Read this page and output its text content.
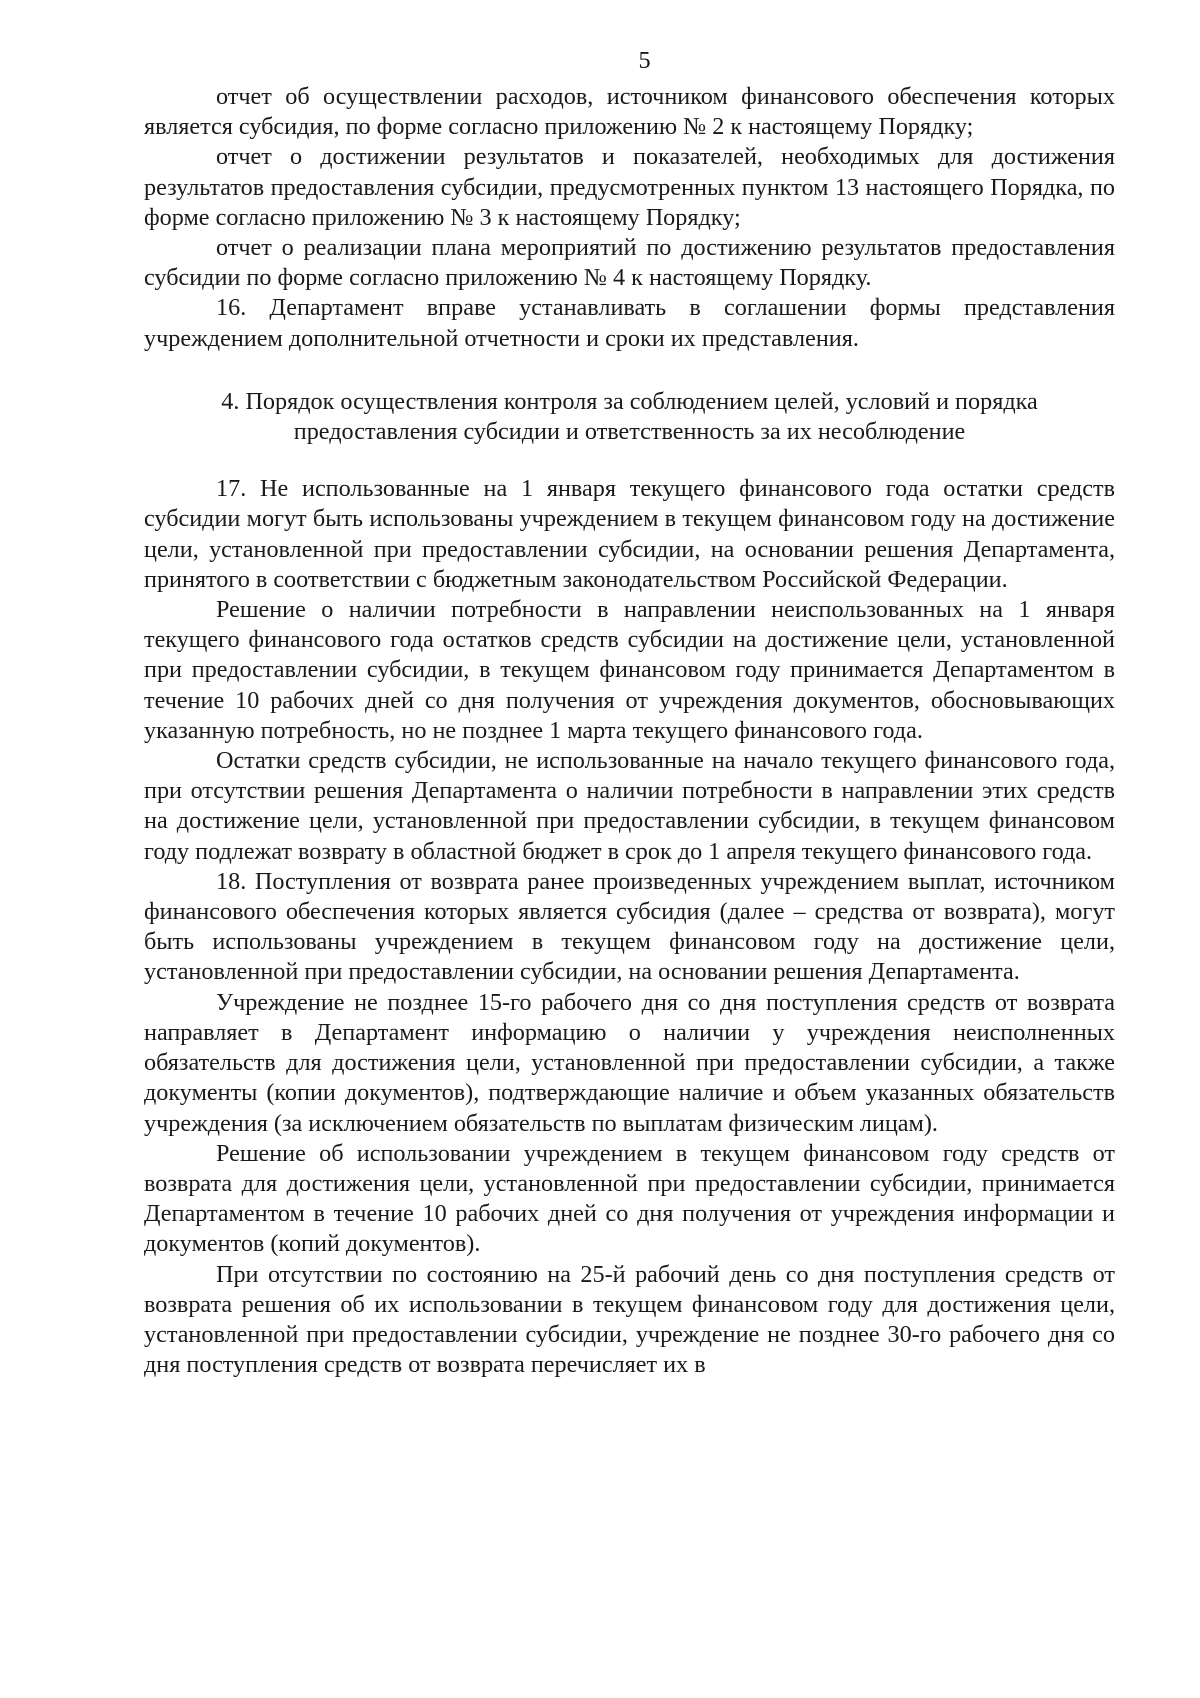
5

отчет об осуществлении расходов, источником финансового обеспечения которых является субсидия, по форме согласно приложению № 2 к настоящему Порядку;

отчет о достижении результатов и показателей, необходимых для достижения результатов предоставления субсидии, предусмотренных пунктом 13 настоящего Порядка, по форме согласно приложению № 3 к настоящему Порядку;

отчет о реализации плана мероприятий по достижению результатов предоставления субсидии по форме согласно приложению № 4 к настоящему Порядку.

16. Департамент вправе устанавливать в соглашении формы представления учреждением дополнительной отчетности и сроки их представления.

4. Порядок осуществления контроля за соблюдением целей, условий и порядка
предоставления субсидии и ответственность за их несоблюдение

17. Не использованные на 1 января текущего финансового года остатки средств субсидии могут быть использованы учреждением в текущем финансовом году на достижение цели, установленной при предоставлении субсидии, на основании решения Департамента, принятого в соответствии с бюджетным законодательством Российской Федерации.

Решение о наличии потребности в направлении неиспользованных на 1 января текущего финансового года остатков средств субсидии на достижение цели, установленной при предоставлении субсидии, в текущем финансовом году принимается Департаментом в течение 10 рабочих дней со дня получения от учреждения документов, обосновывающих указанную потребность, но не позднее 1 марта текущего финансового года.

Остатки средств субсидии, не использованные на начало текущего финансового года, при отсутствии решения Департамента о наличии потребности в направлении этих средств на достижение цели, установленной при предоставлении субсидии, в текущем финансовом году подлежат возврату в областной бюджет в срок до 1 апреля текущего финансового года.

18. Поступления от возврата ранее произведенных учреждением выплат, источником финансового обеспечения которых является субсидия (далее – средства от возврата), могут быть использованы учреждением в текущем финансовом году на достижение цели, установленной при предоставлении субсидии, на основании решения Департамента.

Учреждение не позднее 15-го рабочего дня со дня поступления средств от возврата направляет в Департамент информацию о наличии у учреждения неисполненных обязательств для достижения цели, установленной при предоставлении субсидии, а также документы (копии документов), подтверждающие наличие и объем указанных обязательств учреждения (за исключением обязательств по выплатам физическим лицам).

Решение об использовании учреждением в текущем финансовом году средств от возврата для достижения цели, установленной при предоставлении субсидии, принимается Департаментом в течение 10 рабочих дней со дня получения от учреждения информации и документов (копий документов).

При отсутствии по состоянию на 25-й рабочий день со дня поступления средств от возврата решения об их использовании в текущем финансовом году для достижения цели, установленной при предоставлении субсидии, учреждение не позднее 30-го рабочего дня со дня поступления средств от возврата перечисляет их в
